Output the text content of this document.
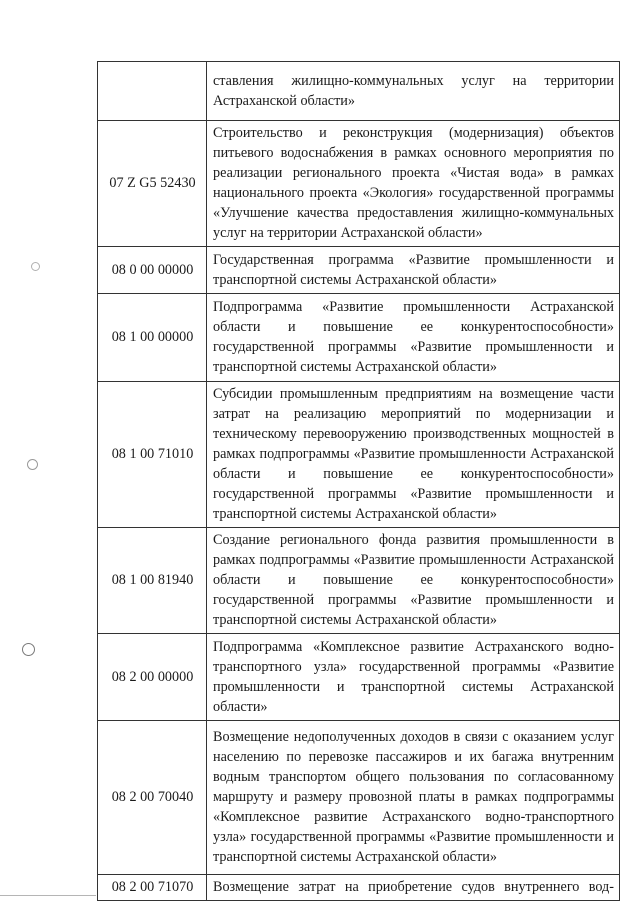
	ставления жилищно-коммунальных услуг на территории Астраханской области»
07 Z G5 52430	Строительство и реконструкция (модернизация) объектов питьевого водоснабжения в рамках основного мероприятия по реализации регионального проекта «Чистая вода» в рамках национального проекта «Экология» государственной программы «Улучшение качества предоставления жилищно-коммунальных услуг на территории Астраханской области»
08 0 00 00000	Государственная программа «Развитие промышленности и транспортной системы Астраханской области»
08 1 00 00000	Подпрограмма «Развитие промышленности Астраханской области и повышение ее конкурентоспособности» государственной программы «Развитие промышленности и транспортной системы Астраханской области»
08 1 00 71010	Субсидии промышленным предприятиям на возмещение части затрат на реализацию мероприятий по модернизации и техническому перевооружению производственных мощностей в рамках подпрограммы «Развитие промышленности Астраханской области и повышение ее конкурентоспособности» государственной программы «Развитие промышленности и транспортной системы Астраханской области»
08 1 00 81940	Создание регионального фонда развития промышленности в рамках подпрограммы «Развитие промышленности Астраханской области и повышение ее конкурентоспособности» государственной программы «Развитие промышленности и транспортной системы Астраханской области»
08 2 00 00000	Подпрограмма «Комплексное развитие Астраханского водно-транспортного узла» государственной программы «Развитие промышленности и транспортной системы Астраханской области»
08 2 00 70040	Возмещение недополученных доходов в связи с оказанием услуг населению по перевозке пассажиров и их багажа внутренним водным транспортом общего пользования по согласованному маршруту и размеру провозной платы в рамках подпрограммы «Комплексное развитие Астраханского водно-транспортного узла» государственной программы «Развитие промышленности и транспортной системы Астраханской области»
08 2 00 71070	Возмещение затрат на приобретение судов внутреннего вод-
